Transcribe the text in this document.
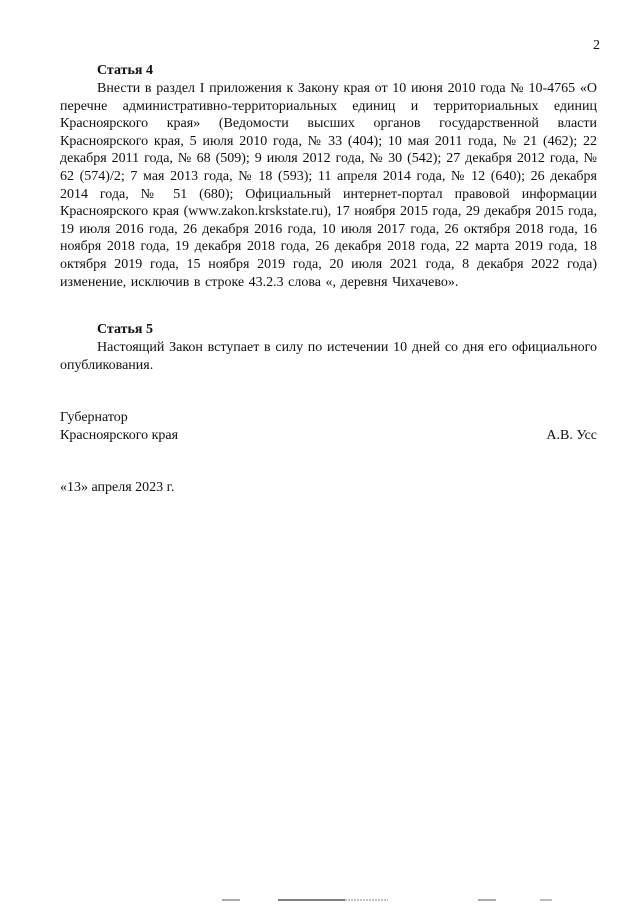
2

Статья 4

Внести в раздел I приложения к Закону края от 10 июня 2010 года № 10-4765 «О перечне административно-территориальных единиц и территориальных единиц Красноярского края» (Ведомости высших органов государственной власти Красноярского края, 5 июля 2010 года, № 33 (404); 10 мая 2011 года, № 21 (462); 22 декабря 2011 года, № 68 (509); 9 июля 2012 года, № 30 (542); 27 декабря 2012 года, № 62 (574)/2; 7 мая 2013 года, № 18 (593); 11 апреля 2014 года, № 12 (640); 26 декабря 2014 года, № 51 (680); Официальный интернет-портал правовой информации Красноярского края (www.zakon.krskstate.ru), 17 ноября 2015 года, 29 декабря 2015 года, 19 июля 2016 года, 26 декабря 2016 года, 10 июля 2017 года, 26 октября 2018 года, 16 ноября 2018 года, 19 декабря 2018 года, 26 декабря 2018 года, 22 марта 2019 года, 18 октября 2019 года, 15 ноября 2019 года, 20 июля 2021 года, 8 декабря 2022 года) изменение, исключив в строке 43.2.3 слова «, деревня Чихачево».

Статья 5

Настоящий Закон вступает в силу по истечении 10 дней со дня его официального опубликования.

Губернатор
Красноярского края	А.В. Усс
«13» апреля 2023 г.
